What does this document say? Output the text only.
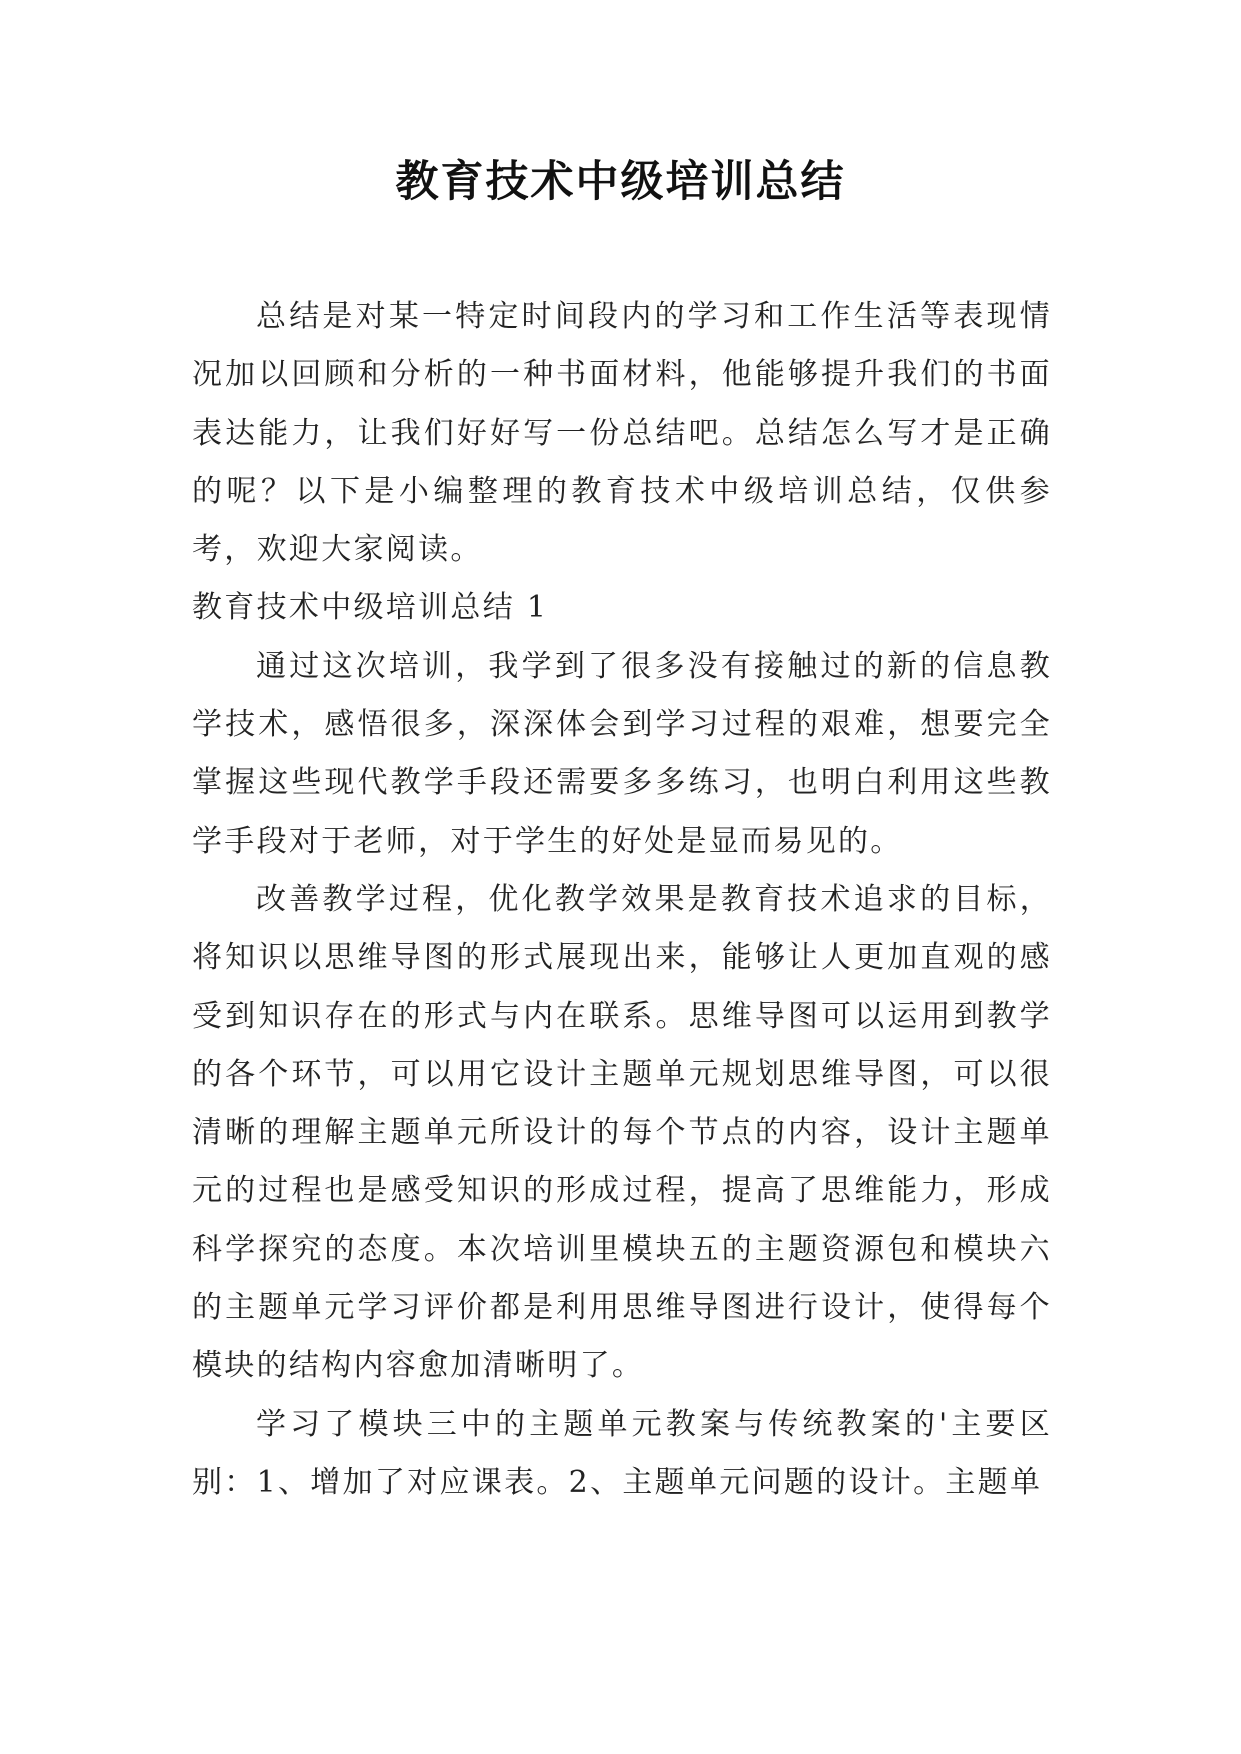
教育技术中级培训总结

总结是对某一特定时间段内的学习和工作生活等表现情况加以回顾和分析的一种书面材料，他能够提升我们的书面表达能力，让我们好好写一份总结吧。总结怎么写才是正确的呢？以下是小编整理的教育技术中级培训总结，仅供参考，欢迎大家阅读。

教育技术中级培训总结 1

通过这次培训，我学到了很多没有接触过的新的信息教学技术，感悟很多，深深体会到学习过程的艰难，想要完全掌握这些现代教学手段还需要多多练习，也明白利用这些教学手段对于老师，对于学生的好处是显而易见的。

改善教学过程，优化教学效果是教育技术追求的目标，将知识以思维导图的形式展现出来，能够让人更加直观的感受到知识存在的形式与内在联系。思维导图可以运用到教学的各个环节，可以用它设计主题单元规划思维导图，可以很清晰的理解主题单元所设计的每个节点的内容，设计主题单元的过程也是感受知识的形成过程，提高了思维能力，形成科学探究的态度。本次培训里模块五的主题资源包和模块六的主题单元学习评价都是利用思维导图进行设计，使得每个模块的结构内容愈加清晰明了。

学习了模块三中的主题单元教案与传统教案的'主要区别：1、增加了对应课表。2、主题单元问题的设计。主题单
